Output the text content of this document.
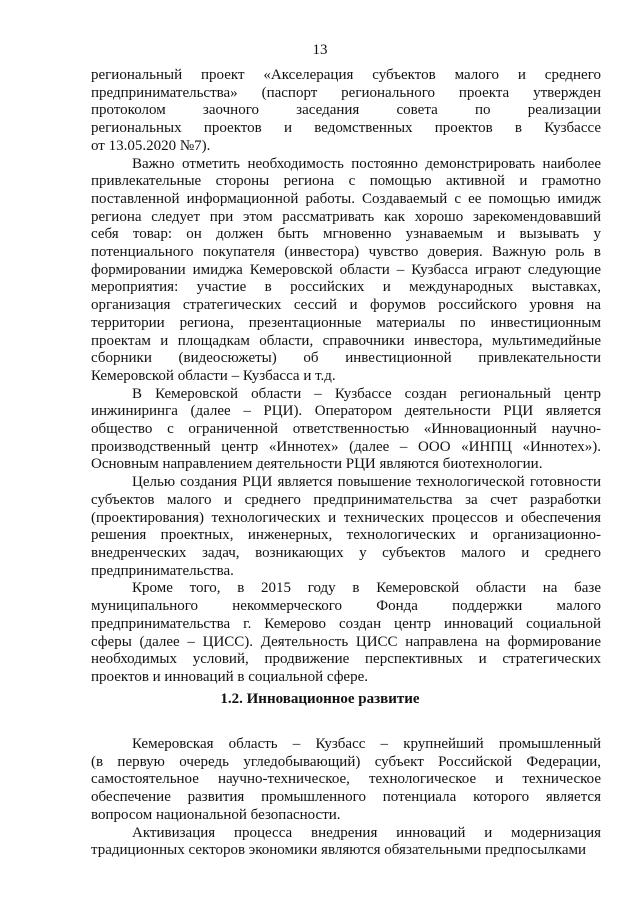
13
региональный проект «Акселерация субъектов малого и среднего
предпринимательства» (паспорт регионального проекта утвержден
протоколом заочного заседания совета по реализации
региональных проектов и ведомственных проектов в Кузбассе
от 13.05.2020 №7).
Важно отметить необходимость постоянно демонстрировать наиболее
привлекательные стороны региона с помощью активной и грамотно
поставленной информационной работы. Создаваемый с ее помощью имидж
региона следует при этом рассматривать как хорошо зарекомендовавший
себя товар: он должен быть мгновенно узнаваемым и вызывать у
потенциального покупателя (инвестора) чувство доверия. Важную роль в
формировании имиджа Кемеровской области – Кузбасса играют следующие
мероприятия: участие в российских и международных выставках,
организация стратегических сессий и форумов российского уровня на
территории региона, презентационные материалы по инвестиционным
проектам и площадкам области, справочники инвестора, мультимедийные
сборники (видеосюжеты) об инвестиционной привлекательности
Кемеровской области – Кузбасса и т.д.
В Кемеровской области – Кузбассе создан региональный центр
инжиниринга (далее – РЦИ). Оператором деятельности РЦИ является
общество с ограниченной ответственностью «Инновационный научно-
производственный центр «Иннотех» (далее – ООО «ИНПЦ «Иннотех»).
Основным направлением деятельности РЦИ являются биотехнологии.
Целью создания РЦИ является повышение технологической готовности
субъектов малого и среднего предпринимательства за счет разработки
(проектирования) технологических и технических процессов и обеспечения
решения проектных, инженерных, технологических и организационно-
внедренческих задач, возникающих у субъектов малого и среднего
предпринимательства.
Кроме того, в 2015 году в Кемеровской области на базе
муниципального некоммерческого Фонда поддержки малого
предпринимательства г. Кемерово создан центр инноваций социальной
сферы (далее – ЦИСС). Деятельность ЦИСС направлена на формирование
необходимых условий, продвижение перспективных и стратегических
проектов и инноваций в социальной сфере.
1.2. Инновационное развитие
Кемеровская область – Кузбасс – крупнейший промышленный
(в первую очередь угледобывающий) субъект Российской Федерации,
самостоятельное научно-техническое, технологическое и техническое
обеспечение развития промышленного потенциала которого является
вопросом национальной безопасности.
Активизация процесса внедрения инноваций и модернизация
традиционных секторов экономики являются обязательными предпосылками
